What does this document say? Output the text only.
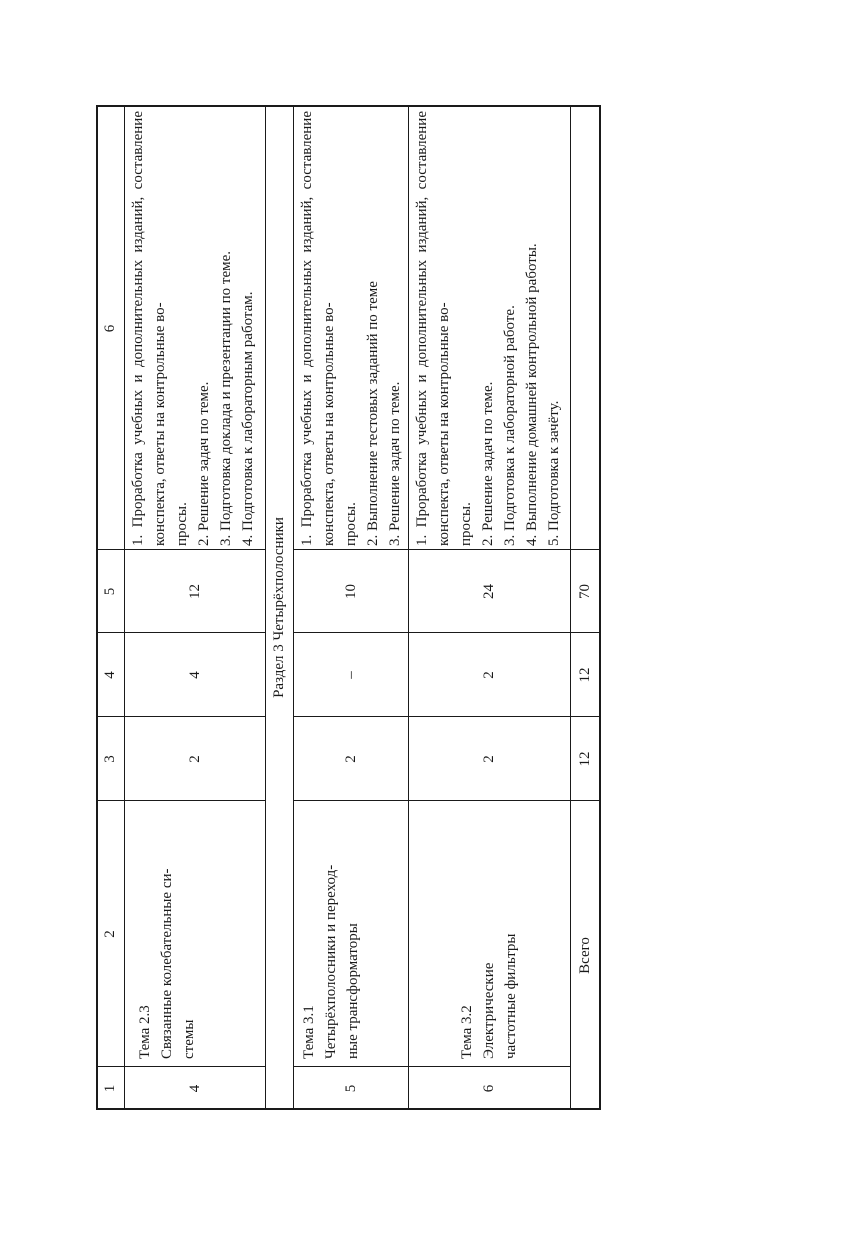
1
2
3
4
5
6
4
Тема 2.3 Связанные колебательные си- стемы
2
4
12

1. Проработка учебных и дополнительных изданий, составление конспекта, ответы на контрольные во- просы. 2. Решение задач по теме. 3. Подготовка доклада и презентации по теме. 4. Подготовка к лабораторным работам.

Раздел 3 Четырёхполосники
5
Тема 3.1 Четырёхполосники и переход- ные трансформаторы
2
–
10

1. Проработка учебных и дополнительных изданий, составление конспекта, ответы на контрольные во- просы. 2. Выполнение тестовых заданий по теме 3. Решение задач по теме.

6
Тема 3.2 Электрические частотные фильтры
2
2
24

1. Проработка учебных и дополнительных изданий, составление конспекта, ответы на контрольные во- просы. 2. Решение задач по теме. 3. Подготовка к лабораторной работе. 4. Выполнение домашней контрольной работы. 5. Подготовка к зачёту.

Всего
12
12
70
